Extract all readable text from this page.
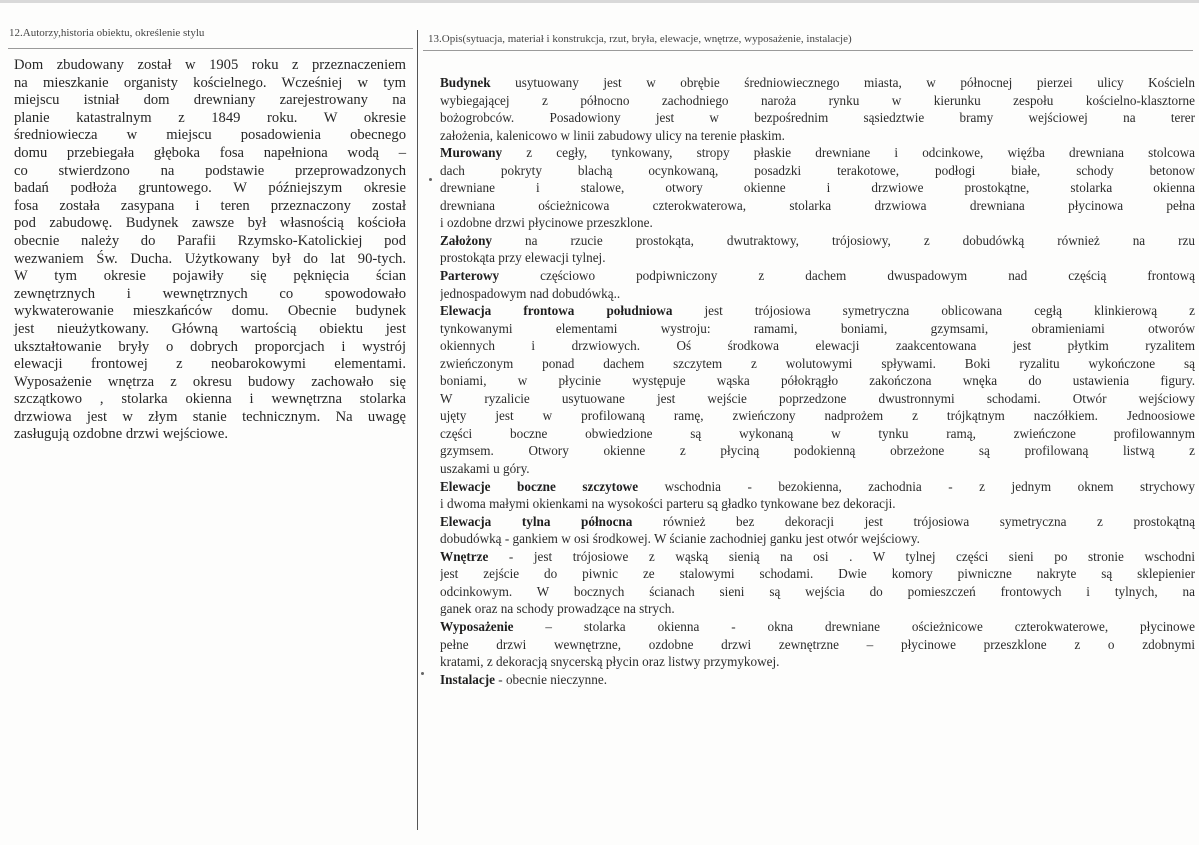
12.Autorzy,historia obiektu, określenie stylu	13.Opis(sytuacja, materiał i konstrukcja, rzut, bryła, elewacje, wnętrze, wyposażenie, instalacje)
Dom zbudowany został w 1905 roku z przeznaczeniem
na mieszkanie organisty kościelnego. Wcześniej w tym
miejscu istniał dom drewniany zarejestrowany na
planie katastralnym z 1849 roku. W okresie
średniowiecza w miejscu posadowienia obecnego
domu przebiegała głęboka fosa napełniona wodą –
co stwierdzono na podstawie przeprowadzonych
badań podłoża gruntowego. W późniejszym okresie
fosa została zasypana i teren przeznaczony został
pod zabudowę. Budynek zawsze był własnością kościoła
obecnie należy do Parafii Rzymsko-Katolickiej pod
wezwaniem Św. Ducha. Użytkowany był do lat 90-tych.
W tym okresie pojawiły się pęknięcia ścian
zewnętrznych i wewnętrznych co spowodowało
wykwaterowanie mieszkańców domu. Obecnie budynek
jest nieużytkowany. Główną wartością obiektu jest
ukształtowanie bryły o dobrych proporcjach i wystrój
elewacji frontowej z neobarokowymi elementami.
Wyposażenie wnętrza z okresu budowy zachowało się
szczątkowo , stolarka okienna i wewnętrzna stolarka
drzwiowa jest w złym stanie technicznym. Na uwagę
zasługują ozdobne drzwi wejściowe.
Budynek usytuowany jest w obrębie średniowiecznego miasta, w północnej pierzei ulicy Kościeln
wybiegającej z północno zachodniego naroża rynku w kierunku zespołu kościelno-klasztorne
bożogrobców. Posadowiony jest w bezpośrednim sąsiedztwie bramy wejściowej na terer
założenia, kalenicowo w linii zabudowy ulicy na terenie płaskim.
Murowany z cegły, tynkowany, stropy płaskie drewniane i odcinkowe, więźba drewniana stolcowa
dach pokryty blachą ocynkowaną, posadzki terakotowe, podłogi białe, schody betonow
drewniane i stalowe, otwory okienne i drzwiowe prostokątne, stolarka okienna
drewniana ościeżnicowa czterokwaterowa, stolarka drzwiowa drewniana płycinowa pełna
i ozdobne drzwi płycinowe przeszklone.
Założony na rzucie prostokąta, dwutraktowy, trójosiowy, z dobudówką również na rzu
prostokąta przy elewacji tylnej.
Parterowy częściowo podpiwniczony z dachem dwuspadowym nad częścią frontową
jednospadowym nad dobudówką..
Elewacja frontowa południowa jest trójosiowa symetryczna oblicowana cegłą klinkierową z
tynkowanymi elementami wystroju: ramami, boniami, gzymsami, obramieniami otworów
okiennych i drzwiowych. Oś środkowa elewacji zaakcentowana jest płytkim ryzalitem
zwieńczonym ponad dachem szczytem z wolutowymi spływami. Boki ryzalitu wykończone są
boniami, w płycinie występuje wąska półokrągło zakończona wnęka do ustawienia figury.
W ryzalicie usytuowane jest wejście poprzedzone dwustronnymi schodami. Otwór wejściowy
ujęty jest w profilowaną ramę, zwieńczony nadprożem z trójkątnym naczółkiem. Jednoosiowe
części boczne obwiedzione są wykonaną w tynku ramą, zwieńczone profilowannym
gzymsem. Otwory okienne z płyciną podokienną obrzeżone są profilowaną listwą z
uszakami u góry.
Elewacje boczne szczytowe wschodnia - bezokienna, zachodnia - z jednym oknem strychowy
i dwoma małymi okienkami na wysokości parteru są gładko tynkowane bez dekoracji.
Elewacja tylna północna również bez dekoracji jest trójosiowa symetryczna z prostokątną
dobudówką - gankiem w osi środkowej. W ścianie zachodniej ganku jest otwór wejściowy.
Wnętrze - jest trójosiowe z wąską sienią na osi . W tylnej części sieni po stronie wschodni
jest zejście do piwnic ze stalowymi schodami. Dwie komory piwniczne nakryte są sklepienier
odcinkowym. W bocznych ścianach sieni są wejścia do pomieszczeń frontowych i tylnych, na
ganek oraz na schody prowadzące na strych.
Wyposażenie – stolarka okienna - okna drewniane ościeżnicowe czterokwaterowe, płycinowe
pełne drzwi wewnętrzne, ozdobne drzwi zewnętrzne – płycinowe przeszklone z o zdobnymi
kratami, z dekoracją snycerską płycin oraz listwy przymykowej.
Instalacje - obecnie nieczynne.
